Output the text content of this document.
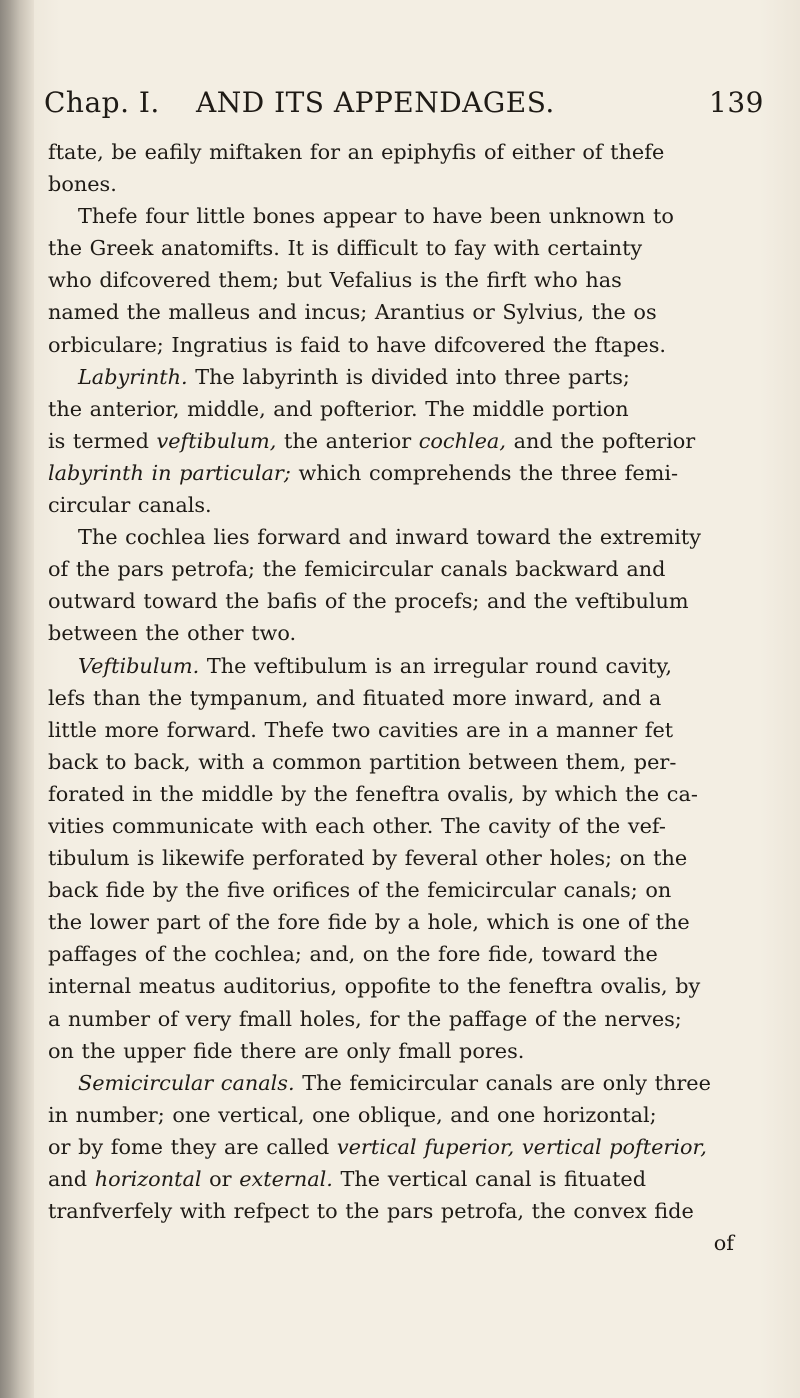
Chap. I. AND ITS APPENDAGES.	139
ftate, be eafily miftaken for an epiphyfis of either of thefe
bones.
Thefe four little bones appear to have been unknown to
the Greek anatomifts. It is difficult to fay with certainty
who difcovered them; but Vefalius is the firft who has
named the malleus and incus; Arantius or Sylvius, the os
orbiculare; Ingratius is faid to have difcovered the ftapes.
Labyrinth. The labyrinth is divided into three parts;
the anterior, middle, and pofterior. The middle portion
is termed veftibulum, the anterior cochlea, and the pofterior
labyrinth in particular; which comprehends the three femi-
circular canals.
The cochlea lies forward and inward toward the extremity
of the pars petrofa; the femicircular canals backward and
outward toward the bafis of the procefs; and the veftibulum
between the other two.
Veftibulum. The veftibulum is an irregular round cavity,
lefs than the tympanum, and fituated more inward, and a
little more forward. Thefe two cavities are in a manner fet
back to back, with a common partition between them, per-
forated in the middle by the feneftra ovalis, by which the ca-
vities communicate with each other. The cavity of the vef-
tibulum is likewife perforated by feveral other holes; on the
back fide by the five orifices of the femicircular canals; on
the lower part of the fore fide by a hole, which is one of the
paffages of the cochlea; and, on the fore fide, toward the
internal meatus auditorius, oppofite to the feneftra ovalis, by
a number of very fmall holes, for the paffage of the nerves;
on the upper fide there are only fmall pores.
Semicircular canals. The femicircular canals are only three
in number; one vertical, one oblique, and one horizontal;
or by fome they are called vertical fuperior, vertical pofterior,
and horizontal or external. The vertical canal is fituated
tranfverfely with refpect to the pars petrofa, the convex fide
of
